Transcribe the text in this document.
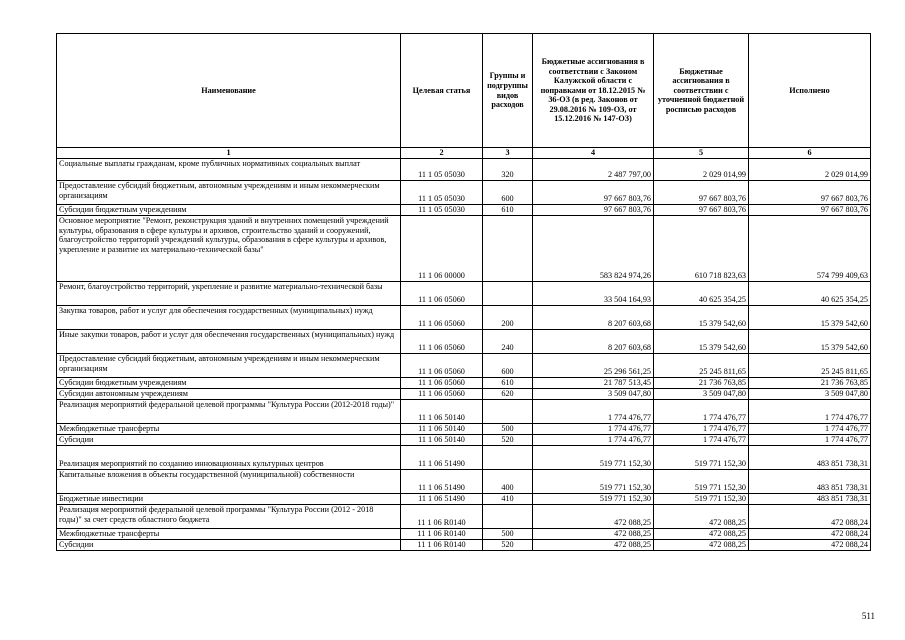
Наименование	Целевая статья	Группы и подгруппы видов расходов	Бюджетные ассигнования в соответствии с Законом Калужской области с поправками от 18.12.2015 № 36-ОЗ (в ред. Законов от 29.08.2016 № 109-ОЗ, от 15.12.2016 № 147-ОЗ)	Бюджетные ассигнования в соответствии с уточненной бюджетной росписью расходов	Исполнено
1	2	3	4	5	6
Социальные выплаты гражданам, кроме публичных нормативных социальных выплат	11 1 05 05030	320	2 487 797,00	2 029 014,99	2 029 014,99
Предоставление субсидий бюджетным, автономным учреждениям и иным некоммерческим организациям	11 1 05 05030	600	97 667 803,76	97 667 803,76	97 667 803,76
Субсидии бюджетным учреждениям	11 1 05 05030	610	97 667 803,76	97 667 803,76	97 667 803,76
Основное мероприятие "Ремонт, реконструкция зданий и внутренних помещений учреждений культуры, образования в сфере культуры и архивов, строительство зданий и сооружений, благоустройство территорий учреждений культуры, образования в сфере культуры и архивов, укрепление и развитие их материально-технической базы"	11 1 06 00000		583 824 974,26	610 718 823,63	574 799 409,63
Ремонт, благоустройство территорий, укрепление и развитие материально-технической базы	11 1 06 05060		33 504 164,93	40 625 354,25	40 625 354,25
Закупка товаров, работ и услуг для обеспечения государственных (муниципальных) нужд	11 1 06 05060	200	8 207 603,68	15 379 542,60	15 379 542,60
Иные закупки товаров, работ и услуг для обеспечения государственных (муниципальных) нужд	11 1 06 05060	240	8 207 603,68	15 379 542,60	15 379 542,60
Предоставление субсидий бюджетным, автономным учреждениям и иным некоммерческим организациям	11 1 06 05060	600	25 296 561,25	25 245 811,65	25 245 811,65
Субсидии бюджетным учреждениям	11 1 06 05060	610	21 787 513,45	21 736 763,85	21 736 763,85
Субсидии автономным учреждениям	11 1 06 05060	620	3 509 047,80	3 509 047,80	3 509 047,80
Реализация мероприятий федеральной целевой программы "Культура России (2012-2018 годы)"	11 1 06 50140		1 774 476,77	1 774 476,77	1 774 476,77
Межбюджетные трансферты	11 1 06 50140	500	1 774 476,77	1 774 476,77	1 774 476,77
Субсидии	11 1 06 50140	520	1 774 476,77	1 774 476,77	1 774 476,77
Реализация мероприятий по созданию инновационных культурных центров	11 1 06 51490		519 771 152,30	519 771 152,30	483 851 738,31
Капитальные вложения в объекты государственной (муниципальной) собственности	11 1 06 51490	400	519 771 152,30	519 771 152,30	483 851 738,31
Бюджетные инвестиции	11 1 06 51490	410	519 771 152,30	519 771 152,30	483 851 738,31
Реализация мероприятий федеральной целевой программы "Культура России (2012 - 2018 годы)" за счет средств областного бюджета	11 1 06 R0140		472 088,25	472 088,25	472 088,24
Межбюджетные трансферты	11 1 06 R0140	500	472 088,25	472 088,25	472 088,24
Субсидии	11 1 06 R0140	520	472 088,25	472 088,25	472 088,24
511
